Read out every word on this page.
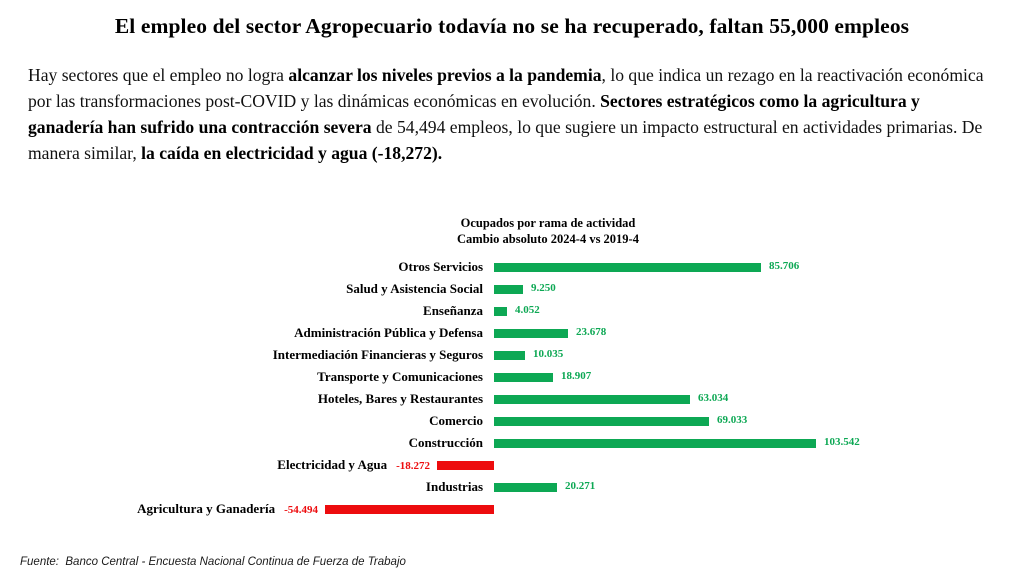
El empleo del sector Agropecuario todavía no se ha recuperado, faltan 55,000 empleos
Hay sectores que el empleo no logra alcanzar los niveles previos a la pandemia, lo que indica un rezago en la reactivación económica por las transformaciones post-COVID y las dinámicas económicas en evolución. Sectores estratégicos como la agricultura y ganadería han sufrido una contracción severa de 54,494 empleos, lo que sugiere un impacto estructural en actividades primarias. De manera similar, la caída en electricidad y agua (-18,272).
Ocupados por rama de actividad
Cambio absoluto 2024-4 vs 2019-4
Otros Servicios	85.706
Salud y Asistencia Social	9.250
Enseñanza	4.052
Administración Pública y Defensa	23.678
Intermediación Financieras y Seguros	10.035
Transporte y Comunicaciones	18.907
Hoteles, Bares y Restaurantes	63.034
Comercio	69.033
Construcción	103.542
Electricidad y Agua -18.272
Industrias	20.271
Agricultura y Ganadería -54.494
Fuente:  Banco Central - Encuesta Nacional Continua de Fuerza de Trabajo
